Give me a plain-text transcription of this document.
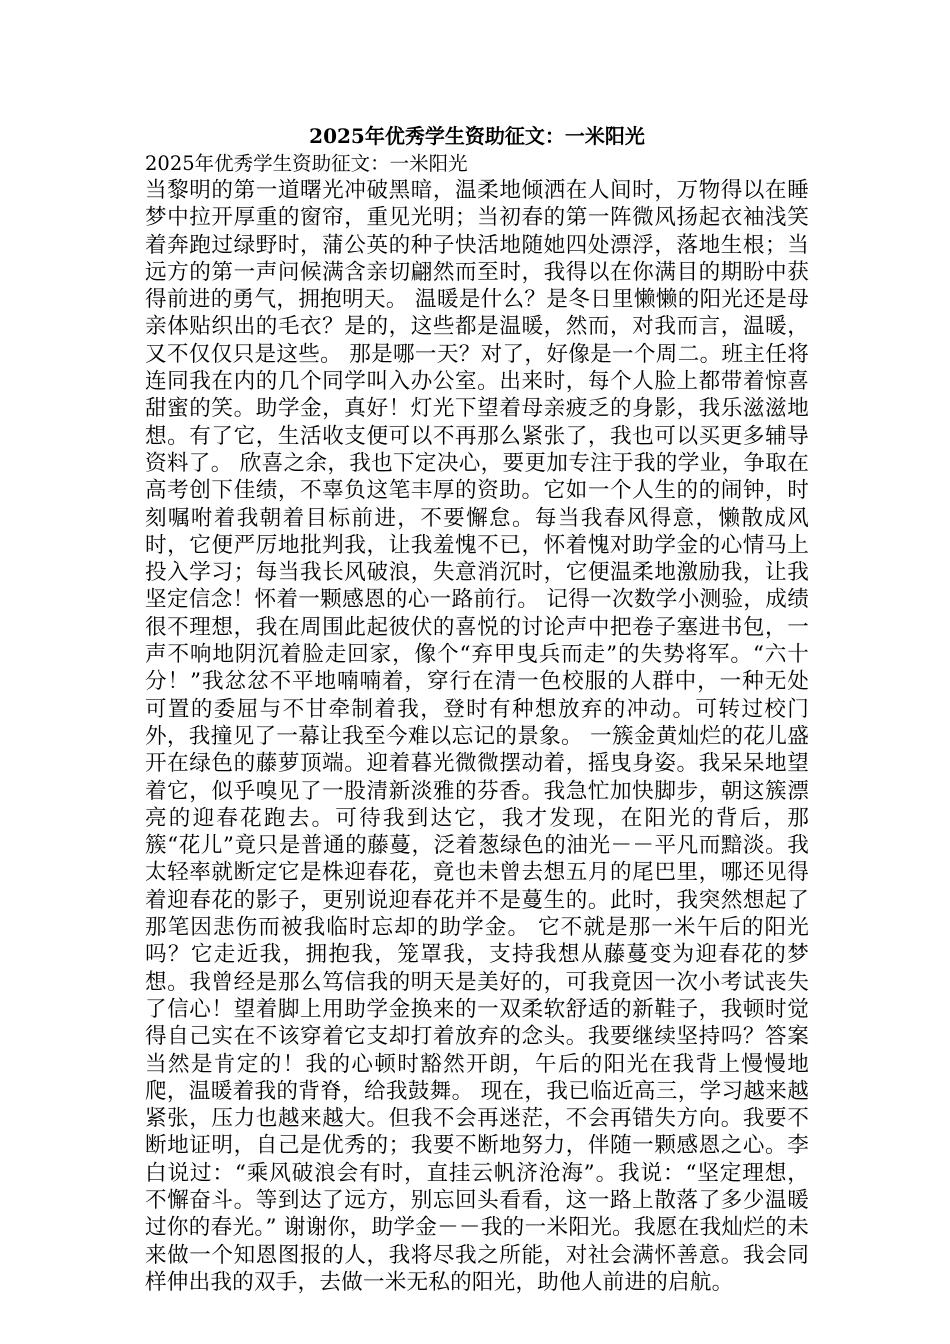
2025年优秀学生资助征文：一米阳光

2025年优秀学生资助征文：一米阳光

当黎明的第一道曙光冲破黑暗，温柔地倾洒在人间时，万物得以在睡梦中拉开厚重的窗帘，重见光明；当初春的第一阵微风扬起衣袖浅笑着奔跑过绿野时，蒲公英的种子快活地随她四处漂浮，落地生根；当远方的第一声问候满含亲切翩然而至时，我得以在你满目的期盼中获得前进的勇气，拥抱明天。 温暖是什么？是冬日里懒懒的阳光还是母亲体贴织出的毛衣？是的，这些都是温暖，然而，对我而言，温暖，又不仅仅只是这些。 那是哪一天？对了，好像是一个周二。班主任将连同我在内的几个同学叫入办公室。出来时，每个人脸上都带着惊喜甜蜜的笑。助学金，真好！灯光下望着母亲疲乏的身影，我乐滋滋地想。有了它，生活收支便可以不再那么紧张了，我也可以买更多辅导资料了。 欣喜之余，我也下定决心，要更加专注于我的学业，争取在高考创下佳绩，不辜负这笔丰厚的资助。它如一个人生的的闹钟，时刻嘱咐着我朝着目标前进，不要懈怠。每当我春风得意，懒散成风时，它便严厉地批判我，让我羞愧不已，怀着愧对助学金的心情马上投入学习；每当我长风破浪，失意消沉时，它便温柔地激励我，让我坚定信念！怀着一颗感恩的心一路前行。 记得一次数学小测验，成绩很不理想，我在周围此起彼伏的喜悦的讨论声中把卷子塞进书包，一声不响地阴沉着脸走回家，像个“弃甲曳兵而走”的失势将军。“六十分！”我忿忿不平地喃喃着，穿行在清一色校服的人群中，一种无处可置的委屈与不甘牵制着我，登时有种想放弃的冲动。可转过校门外，我撞见了一幕让我至今难以忘记的景象。 一簇金黄灿烂的花儿盛开在绿色的藤萝顶端。迎着暮光微微摆动着，摇曳身姿。我呆呆地望着它，似乎嗅见了一股清新淡雅的芬香。我急忙加快脚步，朝这簇漂亮的迎春花跑去。可待我到达它，我才发现，在阳光的背后，那簇“花儿”竟只是普通的藤蔓，泛着葱绿色的油光－－平凡而黯淡。我太轻率就断定它是株迎春花，竟也未曾去想五月的尾巴里，哪还见得着迎春花的影子，更别说迎春花并不是蔓生的。此时，我突然想起了那笔因悲伤而被我临时忘却的助学金。 它不就是那一米午后的阳光吗？它走近我，拥抱我，笼罩我，支持我想从藤蔓变为迎春花的梦想。我曾经是那么笃信我的明天是美好的，可我竟因一次小考试丧失了信心！望着脚上用助学金换来的一双柔软舒适的新鞋子，我顿时觉得自己实在不该穿着它支却打着放弃的念头。我要继续坚持吗？答案当然是肯定的！我的心顿时豁然开朗，午后的阳光在我背上慢慢地爬，温暖着我的背脊，给我鼓舞。 现在，我已临近高三，学习越来越紧张，压力也越来越大。但我不会再迷茫，不会再错失方向。我要不断地证明，自己是优秀的；我要不断地努力，伴随一颗感恩之心。李白说过：“乘风破浪会有时，直挂云帆济沧海”。我说：“坚定理想，不懈奋斗。等到达了远方，别忘回头看看，这一路上散落了多少温暖过你的春光。” 谢谢你，助学金－－我的一米阳光。我愿在我灿烂的未来做一个知恩图报的人，我将尽我之所能，对社会满怀善意。我会同样伸出我的双手，去做一米无私的阳光，助他人前进的启航。
